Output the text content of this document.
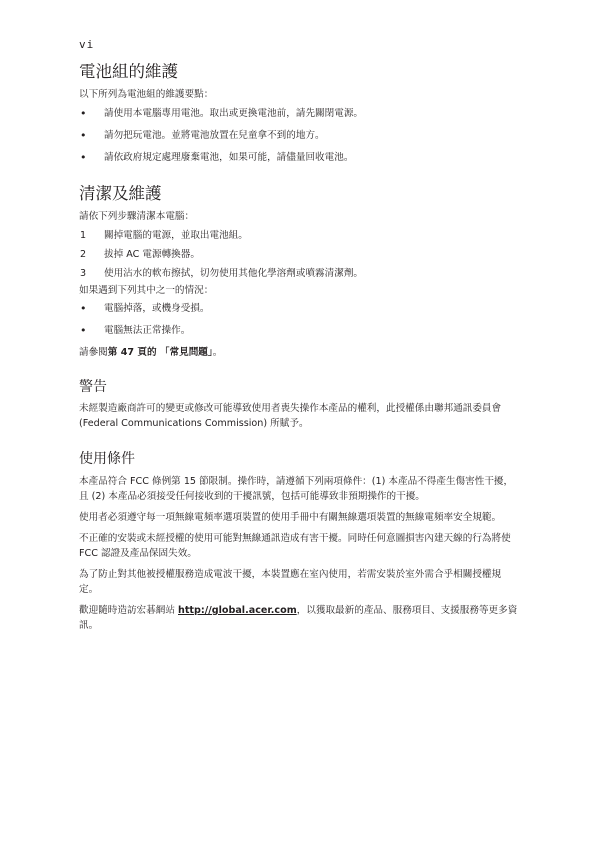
vi
電池組的維護

以下所列為電池組的維護要點：

• 請使用本電腦專用電池。取出或更換電池前，請先關閉電源。
• 請勿把玩電池。並將電池放置在兒童拿不到的地方。
• 請依政府規定處理廢棄電池，如果可能，請儘量回收電池。
清潔及維護

請依下列步驟清潔本電腦：

1 關掉電腦的電源，並取出電池組。
2 拔掉 AC 電源轉換器。
3 使用沾水的軟布擦拭，切勿使用其他化學溶劑或噴霧清潔劑。

如果遇到下列其中之一的情況：

• 電腦掉落，或機身受損。
• 電腦無法正常操作。

請參閱第 47 頁的 「常見問題」。

警告

未經製造廠商許可的變更或修改可能導致使用者喪失操作本產品的權利，此授權係由聯邦通訊委員會 (Federal Communications Commission) 所賦予。

使用條件

本產品符合 FCC 條例第 15 節限制。操作時，請遵循下列兩項條件：(1) 本產品不得產生傷害性干擾，且 (2) 本產品必須接受任何接收到的干擾訊號，包括可能導致非預期操作的干擾。

使用者必須遵守每一項無線電頻率選項裝置的使用手冊中有關無線選項裝置的無線電頻率安全規範。

不正確的安裝或未經授權的使用可能對無線通訊造成有害干擾。同時任何意圖損害內建天線的行為將使 FCC 認證及產品保固失效。

為了防止對其他被授權服務造成電波干擾，本裝置應在室內使用，若需安裝於室外需合乎相關授權規定。

歡迎隨時造訪宏碁網站 http://global.acer.com，以獲取最新的產品、服務項目、支援服務等更多資訊。
